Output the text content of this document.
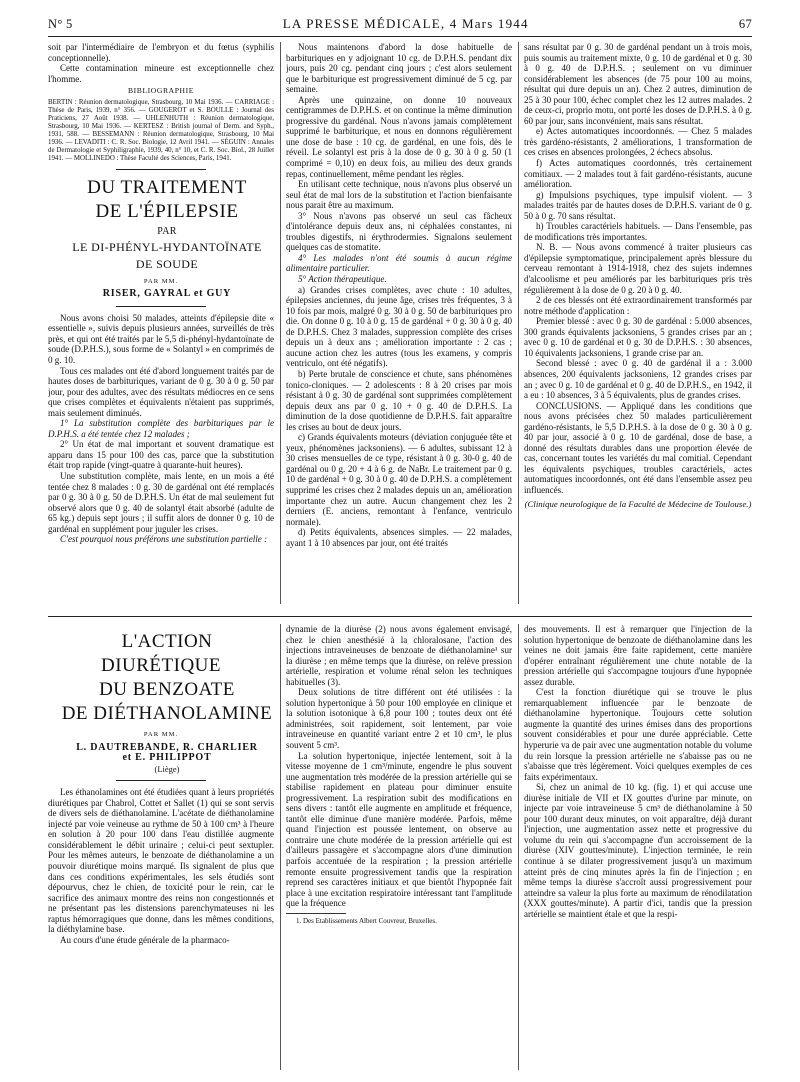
N° 5	LA PRESSE MÉDICALE, 4 Mars 1944	67

soit par l'intermédiaire de l'embryon et du fœtus (syphilis conceptionnelle).

Cette contamination mineure est exceptionnelle chez l'homme.

BIBLIOGRAPHIE
BERTIN : Réunion dermatologique, Strasbourg, 10 Mai 1936. — CARRIAGE : Thèse de Paris, 1939, n° 356. — GOUGEROT et S. BOULLE : Journal des Praticiens, 27 Août 1938. — UHLENHUTH : Réunion dermatologique, Strasbourg, 10 Mai 1936. — KERTESZ : British journal of Derm. and Syph., 1931, 588. — BESSEMANN : Réunion dermatologique, Strasbourg, 10 Mai 1936. — LEVADITI : C. R. Soc. Biologie, 12 Avril 1941. — SÉGUIN : Annales de Dermatologie et Syphiligraphie, 1939, 40, n° 10, et C. R. Soc. Biol., 28 Juillet 1941. — MOLLINEDO : Thèse Faculté des Sciences, Paris, 1941.

DU TRAITEMENT

DE L'ÉPILEPSIE

PAR

LE DI-PHÉNYL-HYDANTOÏNATE

DE SOUDE

PAR MM.

RISER, GAYRAL et GUY

Nous avons choisi 50 malades, atteints d'épilepsie dite « essentielle », suivis depuis plusieurs années, surveillés de très près, et qui ont été traités par le 5,5 di-phényl-hydantoïnate de soude (D.P.H.S.), sous forme de « Solantyl » en comprimés de 0 g. 10.

Tous ces malades ont été d'abord longuement traités par de hautes doses de barbituriques, variant de 0 g. 30 à 0 g. 50 par jour, pour des adultes, avec des résultats médiocres en ce sens que crises complètes et équivalents n'étaient pas supprimés, mais seulement diminués.

1° La substitution complète des barbituriques par le D.P.H.S. a été tentée chez 12 malades ;

2° Un état de mal important et souvent dramatique est apparu dans 15 pour 100 des cas, parce que la substitution était trop rapide (vingt-quatre à quarante-huit heures).

Une substitution complète, mais lente, en un mois a été tentée chez 8 malades : 0 g. 30 de gardénal ont été remplacés par 0 g. 30 à 0 g. 50 de D.P.H.S. Un état de mal seulement fut observé alors que 0 g. 40 de solantyl était absorbé (adulte de 65 kg.) depuis sept jours ; il suffit alors de donner 0 g. 10 de gardénal en supplément pour juguler les crises.

C'est pourquoi nous préférons une substitution partielle :

Nous maintenons d'abord la dose habituelle de barbituriques en y adjoignant 10 cg. de D.P.H.S. pendant dix jours, puis 20 cg. pendant cinq jours ; c'est alors seulement que le barbiturique est progressivement diminué de 5 cg. par semaine.

Après une quinzaine, on donne 10 nouveaux centigrammes de D.P.H.S. et on continue la même diminution progressive du gardénal. Nous n'avons jamais complètement supprimé le barbiturique, et nous en donnons régulièrement une dose de base : 10 cg. de gardénal, en une fois, dès le réveil. Le solantyl est pris à la dose de 0 g. 30 à 0 g. 50 (1 comprimé = 0,10) en deux fois, au milieu des deux grands repas, continuellement, même pendant les règles.

En utilisant cette technique, nous n'avons plus observé un seul état de mal lors de la substitution et l'action bienfaisante nous parait être au maximum.

3° Nous n'avons pas observé un seul cas fâcheux d'intolérance depuis deux ans, ni céphalées constantes, ni troubles digestifs, ni érythrodermies. Signalons seulement quelques cas de stomatite.

4° Les malades n'ont été soumis à aucun régime alimentaire particulier.

5° Action thérapeutique.

a) Grandes crises complètes, avec chute : 10 adultes, épilepsies anciennes, du jeune âge, crises très fréquentes, 3 à 10 fois par mois, malgré 0 g. 30 à 0 g. 50 de barbituriques pro die. On donne 0 g. 10 à 0 g. 15 de gardénal + 0 g. 30 à 0 g. 40 de D.P.H.S. Chez 3 malades, suppression complète des crises depuis un à deux ans ; amélioration importante : 2 cas ; aucune action chez les autres (tous les examens, y compris ventriculo, ont été négatifs).

b) Perte brutale de conscience et chute, sans phénomènes tonico-cloniques. — 2 adolescents : 8 à 20 crises par mois résistant à 0 g. 30 de gardénal sont supprimées complètement depuis deux ans par 0 g. 10 + 0 g. 40 de D.P.H.S. La diminution de la dose quotidienne de D.P.H.S. fait apparaître les crises au bout de deux jours.

c) Grands équivalents moteurs (déviation conjuguée tête et yeux, phénomènes jacksoniens). — 6 adultes, subissant 12 à 30 crises mensuelles de ce type, résistant à 0 g. 30-0 g. 40 de gardénal ou 0 g. 20 + 4 à 6 g. de NaBr. Le traitement par 0 g. 10 de gardénal + 0 g. 30 à 0 g. 40 de D.P.H.S. a complètement supprimé les crises chez 2 malades depuis un an, amélioration importante chez un autre. Aucun changement chez les 2 derniers (E. anciens, remontant à l'enfance, ventriculo normale).

d) Petits équivalents, absences simples. — 22 malades, ayant 1 à 10 absences par jour, ont été traités

sans résultat par 0 g. 30 de gardénal pendant un à trois mois, puis soumis au traitement mixte, 0 g. 10 de gardénal et 0 g. 30 à 0 g. 40 de D.P.H.S. ; seulement on vu diminuer considérablement les absences (de 75 pour 100 au moins, résultat qui dure depuis un an). Chez 2 autres, diminution de 25 à 30 pour 100, échec complet chez les 12 autres malades. 2 de ceux-ci, proprio motu, ont porté les doses de D.P.H.S. à 0 g. 60 par jour, sans inconvénient, mais sans résultat.

e) Actes automatiques incoordonnés. — Chez 5 malades très gardéno-résistants, 2 améliorations, 1 transformation de ces crises en absences prolongées, 2 échecs absolus.

f) Actes automatiques coordonnés, très certainement comitiaux. — 2 malades tout à fait gardéno-résistants, aucune amélioration.

g) Impulsions psychiques, type impulsif violent. — 3 malades traités par de hautes doses de D.P.H.S. variant de 0 g. 50 à 0 g. 70 sans résultat.

h) Troubles caractériels habituels. — Dans l'ensemble, pas de modifications très importantes.

N. B. — Nous avons commencé à traiter plusieurs cas d'épilepsie symptomatique, principalement après blessure du cerveau remontant à 1914-1918, chez des sujets indemnes d'alcoolisme et peu améliorés par les barbituriques pris très régulièrement à la dose de 0 g. 20 à 0 g. 40.

2 de ces blessés ont été extraordinairement transformés par notre méthode d'application :

Premier blessé : avec 0 g. 30 de gardénal : 5.000 absences, 300 grands équivalents jacksoniens, 5 grandes crises par an ; avec 0 g. 10 de gardénal et 0 g. 30 de D.P.H.S. : 30 absences, 10 équivalents jacksoniens, 1 grande crise par an.

Second blessé : avec 0 g. 40 de gardénal il a : 3.000 absences, 200 équivalents jacksoniens, 12 grandes crises par an ; avec 0 g. 10 de gardénal et 0 g. 40 de D.P.H.S., en 1942, il a eu : 10 absences, 3 à 5 équivalents, plus de grandes crises.

CONCLUSIONS. — Appliqué dans les conditions que nous avons précisées chez 50 malades particulièrement gardéno-résistants, le 5,5 D.P.H.S. à la dose de 0 g. 30 à 0 g. 40 par jour, associé à 0 g. 10 de gardénal, dose de base, a donné des résultats durables dans une proportion élevée de cas, concernant toutes les variétés du mal comitial. Cependant les équivalents psychiques, troubles caractériels, actes automatiques incoordonnés, ont été dans l'ensemble assez peu influencés.

(Clinique neurologique de la Faculté de Médecine de Toulouse.)

L'ACTION DIURÉTIQUE

DU BENZOATE

DE DIÉTHANOLAMINE

PAR MM.

L. DAUTREBANDE, R. CHARLIER

et E. PHILIPPOT

(Liège)

Les éthanolamines ont été étudiées quant à leurs propriétés diurétiques par Chabrol, Cottet et Sallet (1) qui se sont servis de divers sels de diéthanolamine. L'acétate de diéthanolamine injecté par voie veineuse au rythme de 50 à 100 cm³ à l'heure en solution à 20 pour 100 dans l'eau distillée augmente considérablement le débit urinaire ; celui-ci peut sextupler. Pour les mêmes auteurs, le benzoate de diéthanolamine a un pouvoir diurétique moins marqué. Ils signalent de plus que dans ces conditions expérimentales, les sels étudiés sont dépourvus, chez le chien, de toxicité pour le rein, car le sacrifice des animaux montre des reins non congestionnés et ne présentant pas les distensions parenchymateuses ni les raptus hémorragiques que donne, dans les mêmes conditions, la diéthylamine base.

Au cours d'une étude générale de la pharmaco-

dynamie de la diurèse (2) nous avons également envisagé, chez le chien anesthésié à la chloralosane, l'action des injections intraveineuses de benzoate de diéthanolamine¹ sur la diurèse ; en même temps que la diurèse, on relève pression artérielle, respiration et volume rénal selon les techniques habituelles (3).

Deux solutions de titre différent ont été utilisées : la solution hypertonique à 50 pour 100 employée en clinique et la solution isotonique à 6,8 pour 100 ; toutes deux ont été administrées, soit rapidement, soit lentement, par voie intraveineuse en quantité variant entre 2 et 10 cm³, le plus souvent 5 cm³.

La solution hypertonique, injectée lentement, soit à la vitesse moyenne de 1 cm³/minute, engendre le plus souvent une augmentation très modérée de la pression artérielle qui se stabilise rapidement en plateau pour diminuer ensuite progressivement. La respiration subit des modifications en sens divers : tantôt elle augmente en amplitude et fréquence, tantôt elle diminue d'une manière modérée. Parfois, même quand l'injection est poussée lentement, on observe au contraire une chute modérée de la pression artérielle qui est d'ailleurs passagère et s'accompagne alors d'une diminution parfois accentuée de la respiration ; la pression artérielle remonte ensuite progressivement tandis que la respiration reprend ses caractères initiaux et que bientôt l'hypopnée fait place à une excitation respiratoire intéressant tant l'amplitude que la fréquence

1. Des Etablissements Albert Couvreur, Bruxelles.

des mouvements. Il est à remarquer que l'injection de la solution hypertonique de benzoate de diéthanolamine dans les veines ne doit jamais être faite rapidement, cette manière d'opérer entraînant régulièrement une chute notable de la pression artérielle qui s'accompagne toujours d'une hypopnée assez durable.

C'est la fonction diurétique qui se trouve le plus remarquablement influencée par le benzoate de diéthanolamine hypertonique. Toujours cette solution augmente la quantité des urines émises dans des proportions souvent considérables et pour une durée appréciable. Cette hyperurie va de pair avec une augmentation notable du volume du rein lorsque la pression artérielle ne s'abaisse pas ou ne s'abaisse que très légèrement. Voici quelques exemples de ces faits expérimentaux.

Si, chez un animal de 10 kg. (fig. 1) et qui accuse une diurèse initiale de VII et IX gouttes d'urine par minute, on injecte par voie intraveineuse 5 cm³ de diéthanolamine à 50 pour 100 durant deux minutes, on voit apparaître, déjà durant l'injection, une augmentation assez nette et progressive du volume du rein qui s'accompagne d'un accroissement de la diurèse (XIV gouttes/minute). L'injection terminée, le rein continue à se dilater progressivement jusqu'à un maximum atteint près de cinq minutes après la fin de l'injection ; en même temps la diurèse s'accroît aussi progressivement pour atteindre sa valeur la plus forte au maximum de rénodilatation (XXX gouttes/minute). A partir d'ici, tandis que la pression artérielle se maintient étale et que la respi-
